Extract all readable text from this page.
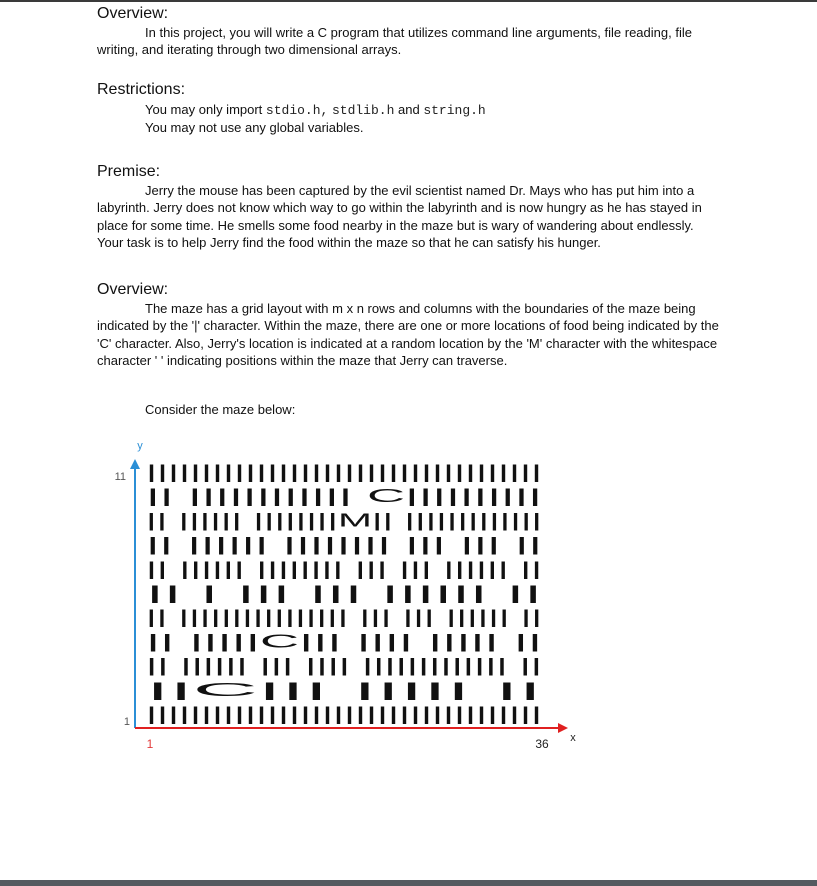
Overview:
In this project, you will write a C program that utilizes command line arguments, file reading, file writing, and iterating through two dimensional arrays.
Restrictions:
You may only import stdio.h, stdlib.h and string.h
You may not use any global variables.
Premise:
Jerry the mouse has been captured by the evil scientist named Dr. Mays who has put him into a labyrinth. Jerry does not know which way to go within the labyrinth and is now hungry as he has stayed in place for some time. He smells some food nearby in the maze but is wary of wandering about endlessly. Your task is to help Jerry find the food within the maze so that he can satisfy his hunger.
Overview:
The maze has a grid layout with m x n rows and columns with the boundaries of the maze being indicated by the '|' character. Within the maze, there are one or more locations of food being indicated by the 'C' character. Also, Jerry's location is indicated at a random location by the 'M' character with the whitespace character ' ' indicating positions within the maze that Jerry can traverse.
Consider the maze below:
||||||||||||||||||||||||||||||||||||
|| |||||||||||| C||||||||||
|| |||||| ||||||||M|| |||||||||||||
|| |||||| |||||||| ||| ||| ||
|| |||||| |||||||| ||| ||| |||||| ||
|| | ||| ||| |||||| ||
|| |||||||||||||||| ||| ||| |||||| ||
|| |||||C||| |||| ||||| ||
|| |||||| ||| |||| ||||||||||||| ||
||C||| ||||| ||
||||||||||||||||||||||||||||||||||||
y
x
11
1
1	36
